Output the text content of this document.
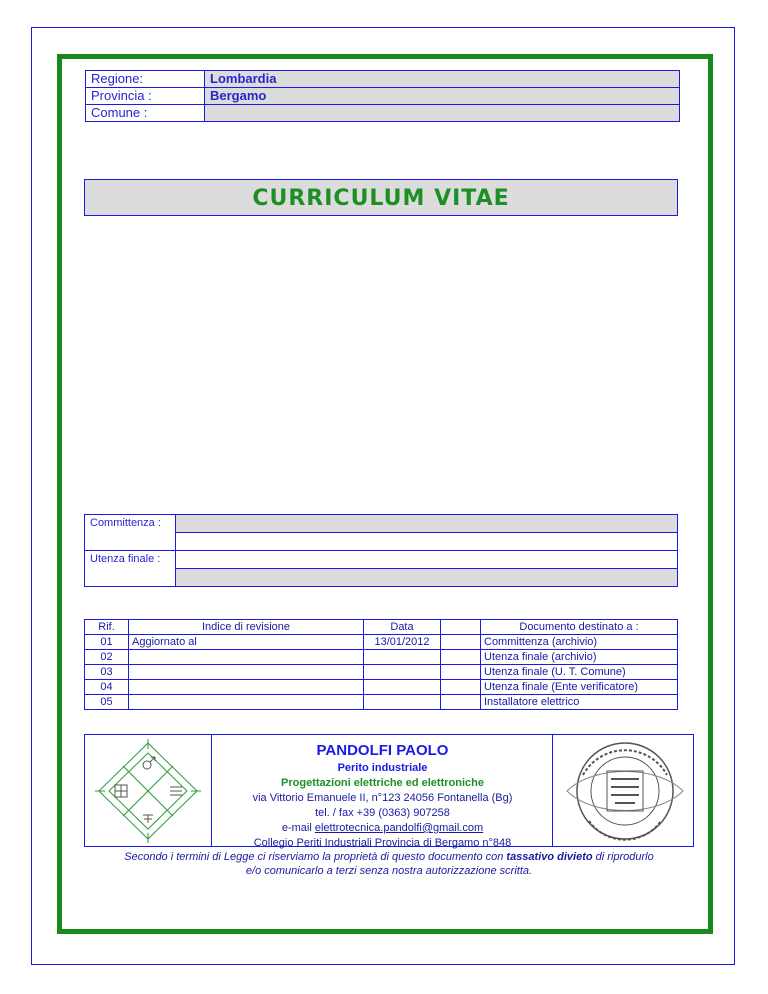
Regione:	Lombardia
Provincia :	Bergamo
Comune :	
CURRICULUM VITAE
Committenza :	

Utenza finale :	

Rif.	Indice di revisione	Data		Documento destinato a :
01	Aggiornato al	13/01/2012		Committenza (archivio)
02				Utenza finale (archivio)
03				Utenza finale (U. T. Comune)
04				Utenza finale (Ente verificatore)
05				Installatore elettrico
PANDOLFI PAOLO
Perito industriale
Progettazioni elettriche ed elettroniche
via Vittorio Emanuele II, n°123 24056 Fontanella (Bg)
tel. / fax +39 (0363) 907258
e-mail elettrotecnica.pandolfi@gmail.com
Collegio Periti Industriali Provincia di Bergamo n°848
Secondo i termini di Legge ci riserviamo la proprietà di questo documento con tassativo divieto di riprodurlo
e/o comunicarlo a terzi senza nostra autorizzazione scritta.
